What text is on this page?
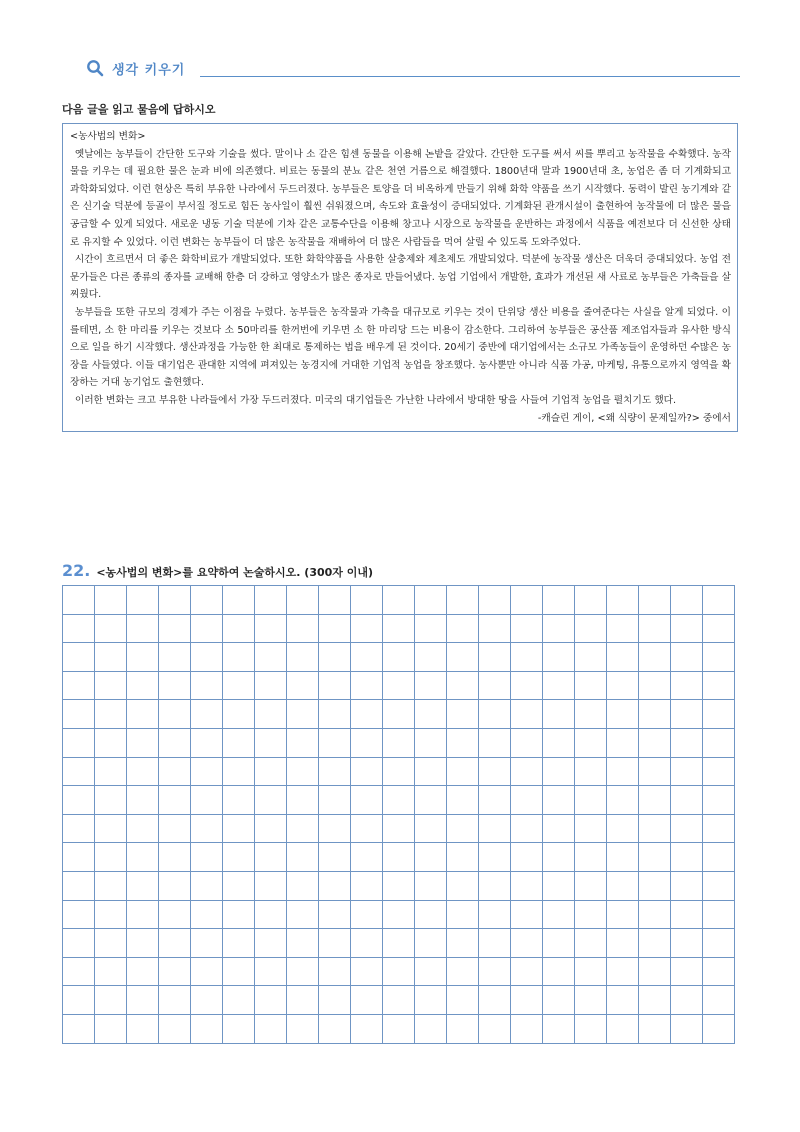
생각 키우기
다음 글을 읽고 물음에 답하시오

<농사법의 변화>

옛날에는 농부들이 간단한 도구와 기술을 썼다. 말이나 소 같은 힘센 동물을 이용해 논밭을 갈았다. 간단한 도구를 써서 씨를 뿌리고 농작물을 수확했다. 농작물을 키우는 데 필요한 물은 눈과 비에 의존했다. 비료는 동물의 분뇨 같은 천연 거름으로 해결했다. 1800년대 말과 1900년대 초, 농업은 좀 더 기계화되고 과학화되었다. 이런 현상은 특히 부유한 나라에서 두드러졌다. 농부들은 토양을 더 비옥하게 만들기 위해 화학 약품을 쓰기 시작했다. 동력이 발린 농기계와 같은 신기술 덕분에 등골이 부서질 정도로 힘든 농사일이 훨씬 쉬워졌으며, 속도와 효율성이 증대되었다. 기계화된 관개시설이 출현하여 농작물에 더 많은 물을 공급할 수 있게 되었다. 새로운 냉동 기술 덕분에 기차 같은 교통수단을 이용해 창고나 시장으로 농작물을 운반하는 과정에서 식품을 예전보다 더 신선한 상태로 유지할 수 있었다. 이런 변화는 농부들이 더 많은 농작물을 재배하여 더 많은 사람들을 먹여 살릴 수 있도록 도와주었다.

시간이 흐르면서 더 좋은 화학비료가 개발되었다. 또한 화학약품을 사용한 살충제와 제초제도 개발되었다. 덕분에 농작물 생산은 더욱더 증대되었다. 농업 전문가들은 다른 종류의 종자를 교배해 한층 더 강하고 영양소가 많은 종자로 만들어냈다. 농업 기업에서 개발한, 효과가 개선된 새 사료로 농부들은 가축들을 살찌웠다.

농부들을 또한 규모의 경제가 주는 이점을 누렸다. 농부들은 농작물과 가축을 대규모로 키우는 것이 단위당 생산 비용을 줄여준다는 사실을 알게 되었다. 이를테면, 소 한 마리를 키우는 것보다 소 50마리를 한꺼번에 키우면 소 한 마리당 드는 비용이 감소한다. 그리하여 농부들은 공산품 제조업자들과 유사한 방식으로 일을 하기 시작했다. 생산과정을 가능한 한 최대로 통제하는 법을 배우게 된 것이다. 20세기 중반에 대기업에서는 소규모 가족농들이 운영하던 수많은 농장을 사들였다. 이들 대기업은 관대한 지역에 펴져있는 농경지에 거대한 기업적 농업을 창조했다. 농사뿐만 아니라 식품 가공, 마케팅, 유통으로까지 영역을 확장하는 거대 농기업도 출현했다.

이러한 변화는 크고 부유한 나라들에서 가장 두드러졌다. 미국의 대기업들은 가난한 나라에서 방대한 땅을 사들여 기업적 농업을 펼치기도 했다.

-캐슬린 게이, <왜 식량이 문제일까?> 중에서

22. <농사법의 변화>를 요약하여 논술하시오. (300자 이내)
